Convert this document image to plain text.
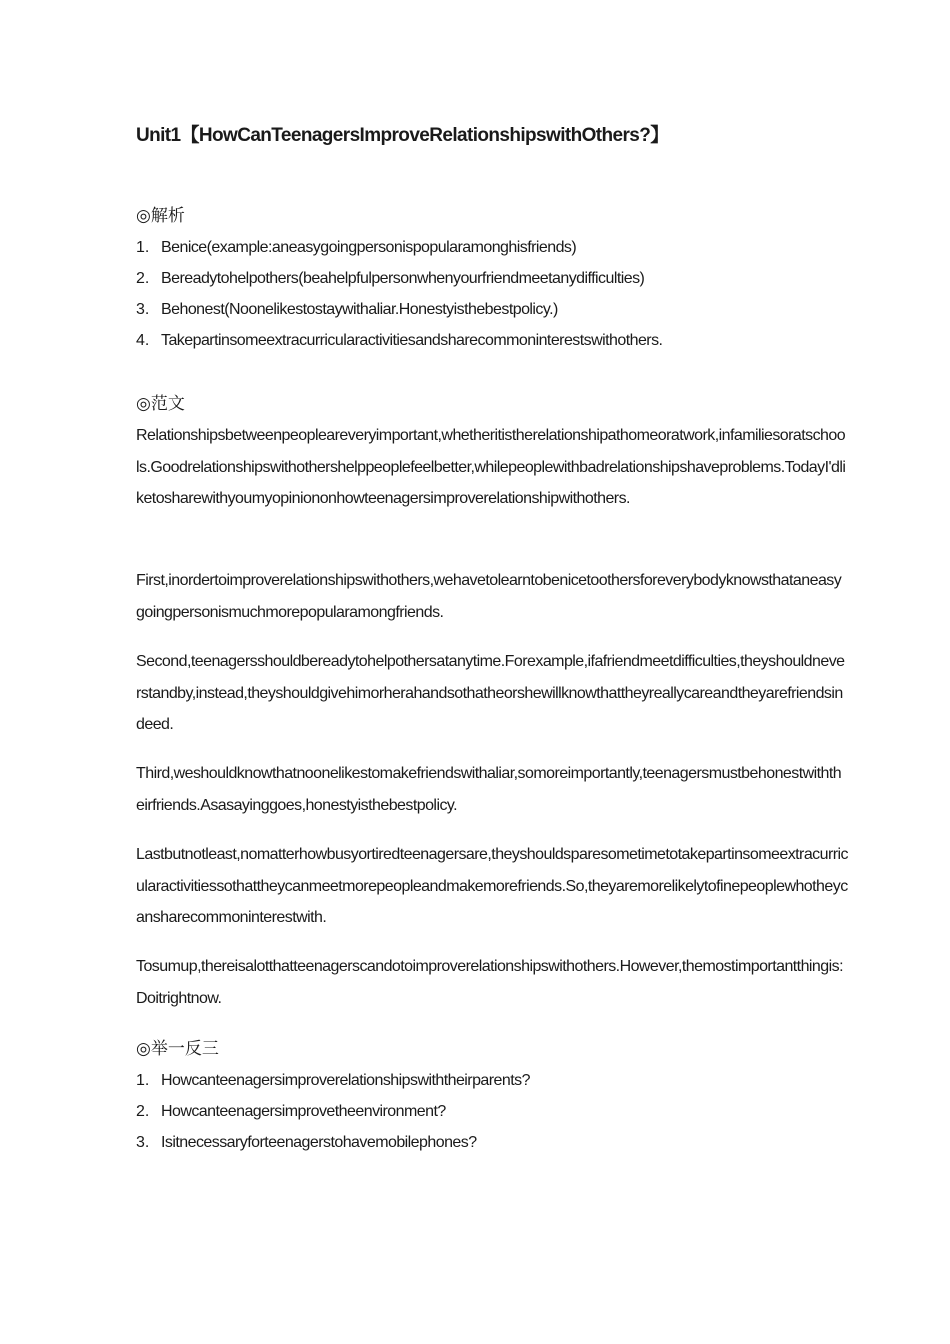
Unit1【HowCanTeenagersImproveRelationshipswithOthers?】
◎解析
1. Benice(example:aneasygoingpersonispopularamonghisfriends)
2. Bereadytohelpothers(beahelpfulpersonwhenyourfriendmeetanydifficulties)
3. Behonest(Noonelikestostaywithaliar.Honestyisthebestpolicy.)
4. Takepartinsomeextracurricularactivitiesandsharecommoninterestswithothers.
◎范文

Relationshipsbetweenpeopleareveryimportant,whetheritistherelationshipathomeoratwork,infamiliesoratschools.Goodrelationshipswithothershelppeoplefeelbetter,whilepeoplewithbadrelationshipshaveproblems.TodayI'dliketosharewithyoumyopiniononhowteenagersimproverelationshipwithothers.

First,inordertoimproverelationshipswithothers,wehavetolearntobenicetoothersforeverybodyknowsthataneasygoingpersonismuchmorepopularamongfriends.

Second,teenagersshouldbereadytohelpothersatanytime.Forexample,ifafriendmeetdifficulties,theyshouldneverstandby,instead,theyshouldgivehimorherahandsothatheorshewillknowthattheyreallycareandtheyarefriendsindeed.

Third,weshouldknowthatnoonelikestomakefriendswithaliar,somoreimportantly,teenagersmustbehonestwiththeirfriends.Asasayinggoes,honestyisthebestpolicy.

Lastbutnotleast,nomatterhowbusyortiredteenagersare,theyshouldsparesometimetotakepartinsomeextracurricularactivitiessothattheycanmeetmorepeopleandmakemorefriends.So,theyaremorelikelytofinepeoplewhotheycansharecommoninterestwith.

Tosumup,thereisalotthatteenagerscandotoimproverelationshipswithothers.However,themostimportantthingis:Doitrightnow.

◎举一反三
1. Howcanteenagersimproverelationshipswiththeirparents?
2. Howcanteenagersimprovetheenvironment?
3. Isitnecessaryforteenagerstohavemobilephones?
